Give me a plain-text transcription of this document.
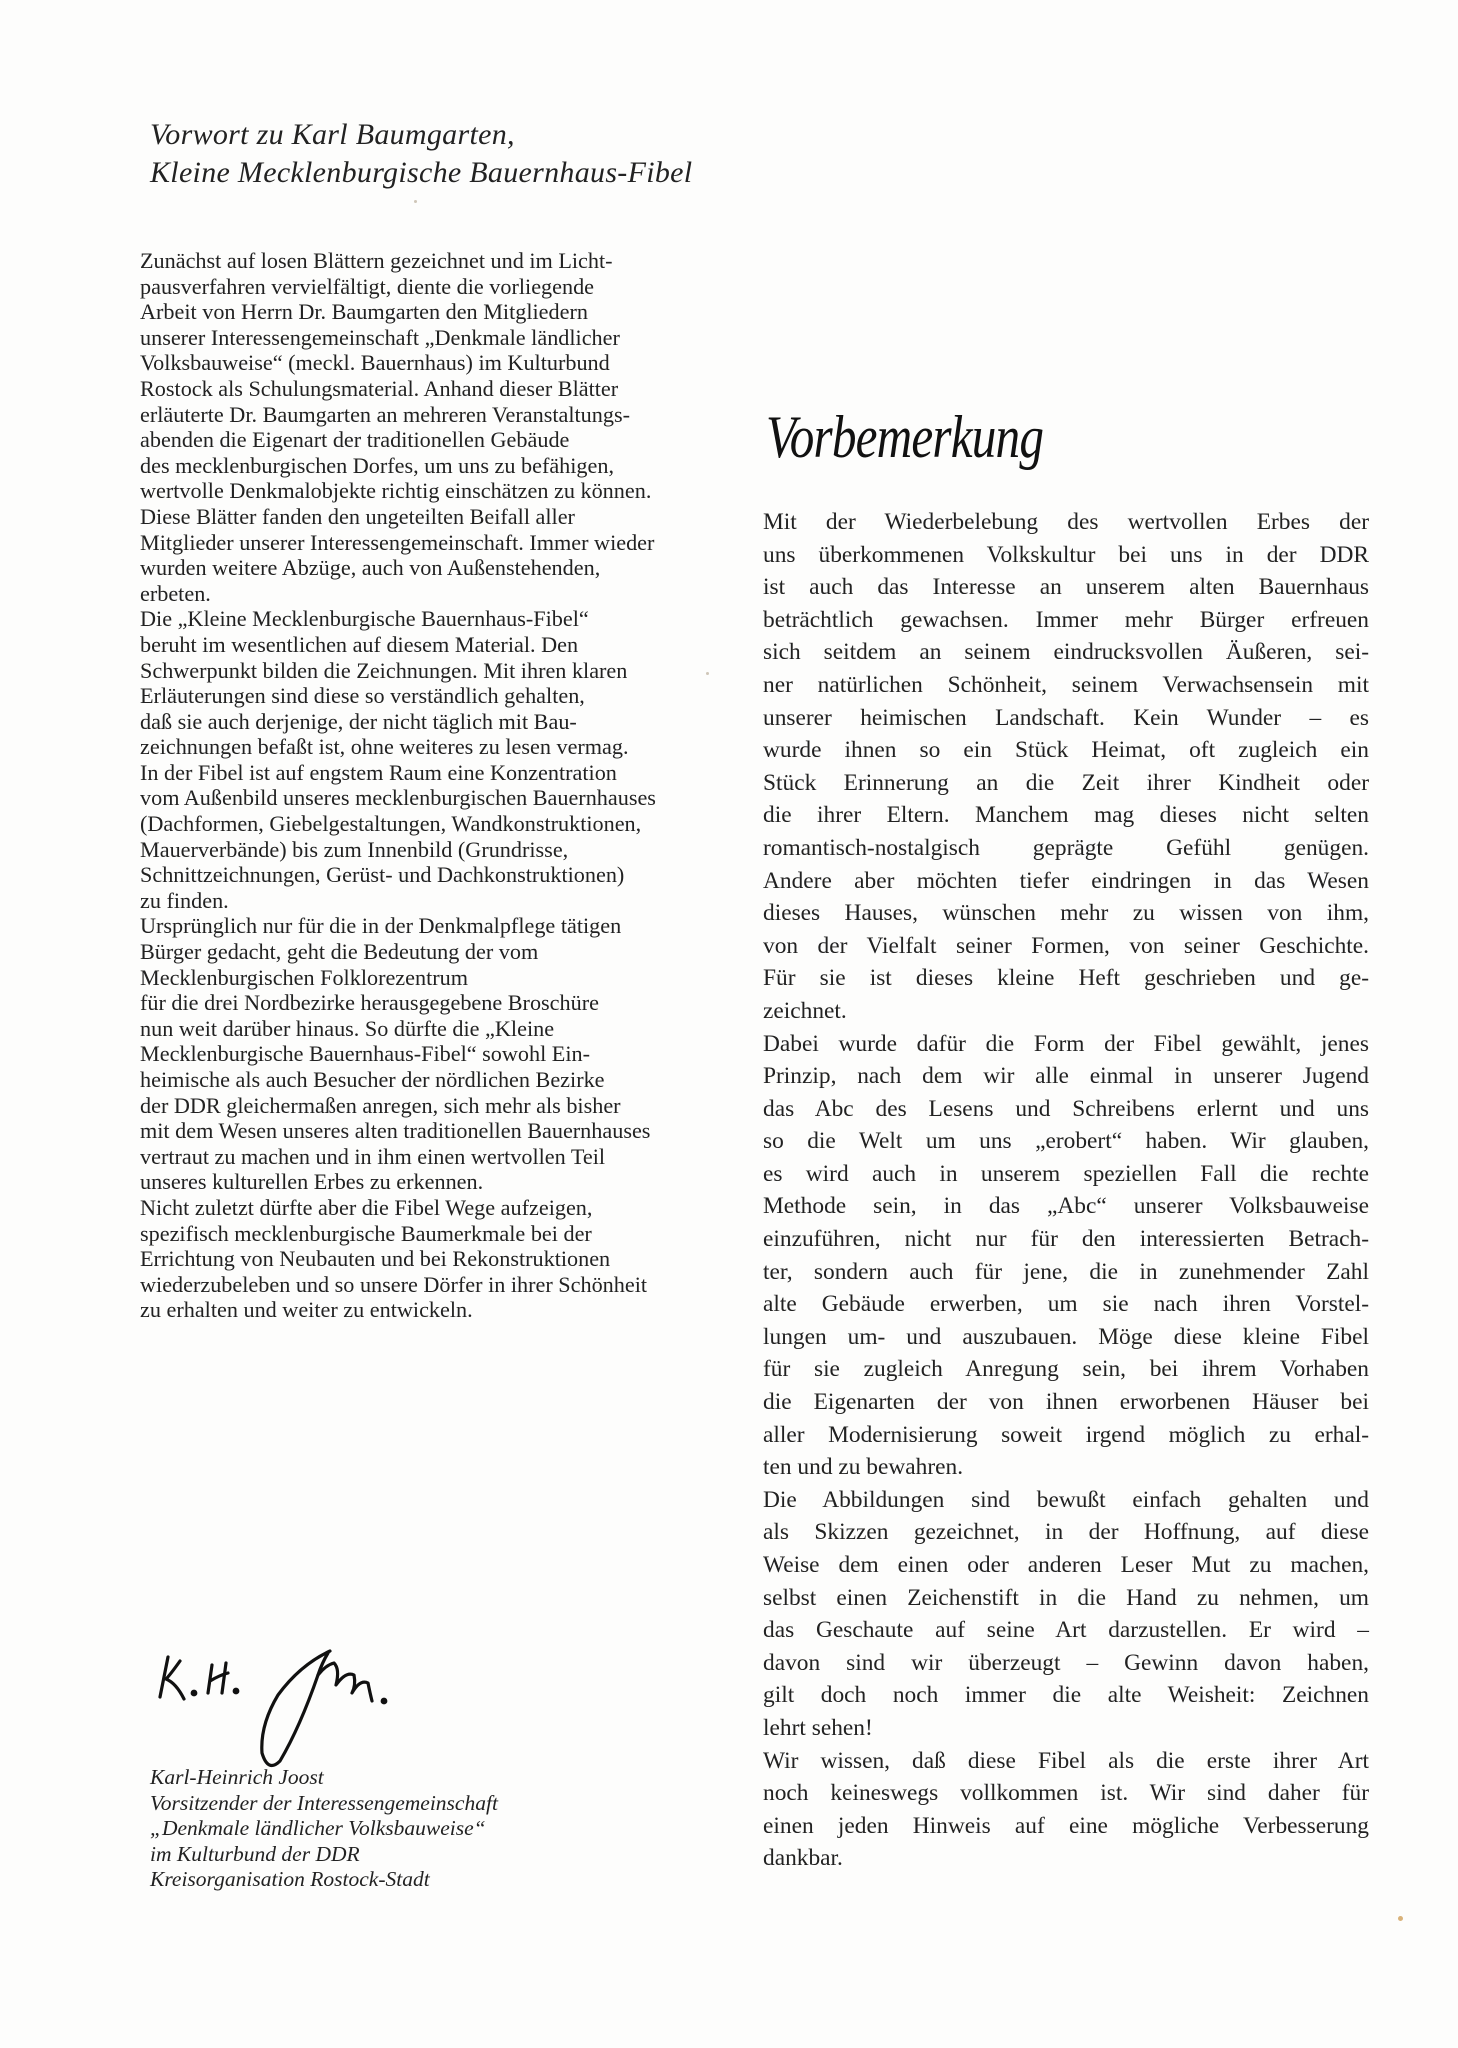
Vorwort zu Karl Baumgarten,
Kleine Mecklenburgische Bauernhaus-Fibel
Zunächst auf losen Blättern gezeichnet und im Licht-
pausverfahren vervielfältigt, diente die vorliegende
Arbeit von Herrn Dr. Baumgarten den Mitgliedern
unserer Interessengemeinschaft „Denkmale ländlicher
Volksbauweise“ (meckl. Bauernhaus) im Kulturbund
Rostock als Schulungsmaterial. Anhand dieser Blätter
erläuterte Dr. Baumgarten an mehreren Veranstaltungs-
abenden die Eigenart der traditionellen Gebäude
des mecklenburgischen Dorfes, um uns zu befähigen,
wertvolle Denkmalobjekte richtig einschätzen zu können.
Diese Blätter fanden den ungeteilten Beifall aller
Mitglieder unserer Interessengemeinschaft. Immer wieder
wurden weitere Abzüge, auch von Außenstehenden,
erbeten.
Die „Kleine Mecklenburgische Bauernhaus-Fibel“
beruht im wesentlichen auf diesem Material. Den
Schwerpunkt bilden die Zeichnungen. Mit ihren klaren
Erläuterungen sind diese so verständlich gehalten,
daß sie auch derjenige, der nicht täglich mit Bau-
zeichnungen befaßt ist, ohne weiteres zu lesen vermag.
In der Fibel ist auf engstem Raum eine Konzentration
vom Außenbild unseres mecklenburgischen Bauernhauses
(Dachformen, Giebelgestaltungen, Wandkonstruktionen,
Mauerverbände) bis zum Innenbild (Grundrisse,
Schnittzeichnungen, Gerüst- und Dachkonstruktionen)
zu finden.
Ursprünglich nur für die in der Denkmalpflege tätigen
Bürger gedacht, geht die Bedeutung der vom
Mecklenburgischen Folklorezentrum
für die drei Nordbezirke herausgegebene Broschüre
nun weit darüber hinaus. So dürfte die „Kleine
Mecklenburgische Bauernhaus-Fibel“ sowohl Ein-
heimische als auch Besucher der nördlichen Bezirke
der DDR gleichermaßen anregen, sich mehr als bisher
mit dem Wesen unseres alten traditionellen Bauernhauses
vertraut zu machen und in ihm einen wertvollen Teil
unseres kulturellen Erbes zu erkennen.
Nicht zuletzt dürfte aber die Fibel Wege aufzeigen,
spezifisch mecklenburgische Baumerkmale bei der
Errichtung von Neubauten und bei Rekonstruktionen
wiederzubeleben und so unsere Dörfer in ihrer Schönheit
zu erhalten und weiter zu entwickeln.
Karl-Heinrich Joost
Vorsitzender der Interessengemeinschaft
„Denkmale ländlicher Volksbauweise“
im Kulturbund der DDR
Kreisorganisation Rostock-Stadt
Vorbemerkung
Mit der Wiederbelebung des wertvollen Erbes der
uns überkommenen Volkskultur bei uns in der DDR
ist auch das Interesse an unserem alten Bauernhaus
beträchtlich gewachsen. Immer mehr Bürger erfreuen
sich seitdem an seinem eindrucksvollen Äußeren, sei-
ner natürlichen Schönheit, seinem Verwachsensein mit
unserer heimischen Landschaft. Kein Wunder – es
wurde ihnen so ein Stück Heimat, oft zugleich ein
Stück Erinnerung an die Zeit ihrer Kindheit oder
die ihrer Eltern. Manchem mag dieses nicht selten
romantisch-nostalgisch geprägte Gefühl genügen.
Andere aber möchten tiefer eindringen in das Wesen
dieses Hauses, wünschen mehr zu wissen von ihm,
von der Vielfalt seiner Formen, von seiner Geschichte.
Für sie ist dieses kleine Heft geschrieben und ge-
zeichnet.
Dabei wurde dafür die Form der Fibel gewählt, jenes
Prinzip, nach dem wir alle einmal in unserer Jugend
das Abc des Lesens und Schreibens erlernt und uns
so die Welt um uns „erobert“ haben. Wir glauben,
es wird auch in unserem speziellen Fall die rechte
Methode sein, in das „Abc“ unserer Volksbauweise
einzuführen, nicht nur für den interessierten Betrach-
ter, sondern auch für jene, die in zunehmender Zahl
alte Gebäude erwerben, um sie nach ihren Vorstel-
lungen um- und auszubauen. Möge diese kleine Fibel
für sie zugleich Anregung sein, bei ihrem Vorhaben
die Eigenarten der von ihnen erworbenen Häuser bei
aller Modernisierung soweit irgend möglich zu erhal-
ten und zu bewahren.
Die Abbildungen sind bewußt einfach gehalten und
als Skizzen gezeichnet, in der Hoffnung, auf diese
Weise dem einen oder anderen Leser Mut zu machen,
selbst einen Zeichenstift in die Hand zu nehmen, um
das Geschaute auf seine Art darzustellen. Er wird –
davon sind wir überzeugt – Gewinn davon haben,
gilt doch noch immer die alte Weisheit: Zeichnen
lehrt sehen!
Wir wissen, daß diese Fibel als die erste ihrer Art
noch keineswegs vollkommen ist. Wir sind daher für
einen jeden Hinweis auf eine mögliche Verbesserung
dankbar.
